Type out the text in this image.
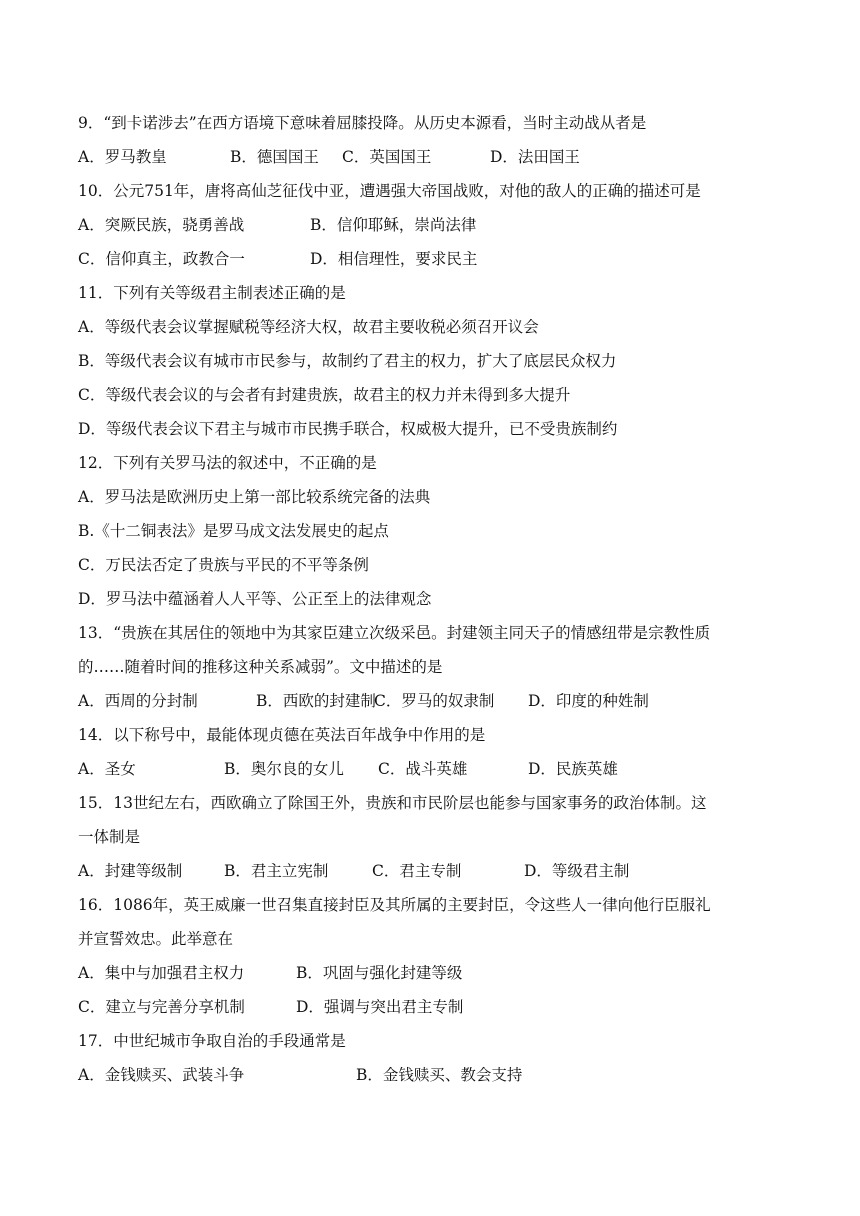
9．“到卡诺涉去”在西方语境下意味着屈膝投降。从历史本源看，当时主动战从者是
A．罗马教皇	B．德国国王 C．英国国王	D．法田国王
10．公元751年，唐将高仙芝征伐中亚，遭遇强大帝国战败，对他的敌人的正确的描述可是
A．突厥民族，骁勇善战	B．信仰耶稣，崇尚法律
C．信仰真主，政教合一	D．相信理性，要求民主
11．下列有关等级君主制表述正确的是
A．等级代表会议掌握赋税等经济大权，故君主要收税必须召开议会
B．等级代表会议有城市市民参与，故制约了君主的权力，扩大了底层民众权力
C．等级代表会议的与会者有封建贵族，故君主的权力并未得到多大提升
D．等级代表会议下君主与城市市民携手联合，权威极大提升，已不受贵族制约
12．下列有关罗马法的叙述中，不正确的是
A．罗马法是欧洲历史上第一部比较系统完备的法典
B.《十二铜表法》是罗马成文法发展史的起点
C．万民法否定了贵族与平民的不平等条例
D．罗马法中蕴涵着人人平等、公正至上的法律观念
13．“贵族在其居住的领地中为其家臣建立次级采邑。封建领主同天子的情感纽带是宗教性质
的……随着时间的推移这种关系减弱”。文中描述的是
A．西周的分封制	B．西欧的封建制C．罗马的奴隶制 D．印度的种姓制
14．以下称号中，最能体现贞德在英法百年战争中作用的是
A．圣女	B．奥尔良的女儿 C．战斗英雄	D．民族英雄
15．13世纪左右，西欧确立了除国王外，贵族和市民阶层也能参与国家事务的政治体制。这
一体制是
A．封建等级制	B．君主立宪制	C．君主专制	D．等级君主制
16．1086年，英王威廉一世召集直接封臣及其所属的主要封臣，令这些人一律向他行臣服礼
并宣誓效忠。此举意在
A．集中与加强君主权力	B．巩固与强化封建等级
C．建立与完善分享机制	D．强调与突出君主专制
17．中世纪城市争取自治的手段通常是
A．金钱赎买、武装斗争	B．金钱赎买、教会支持
